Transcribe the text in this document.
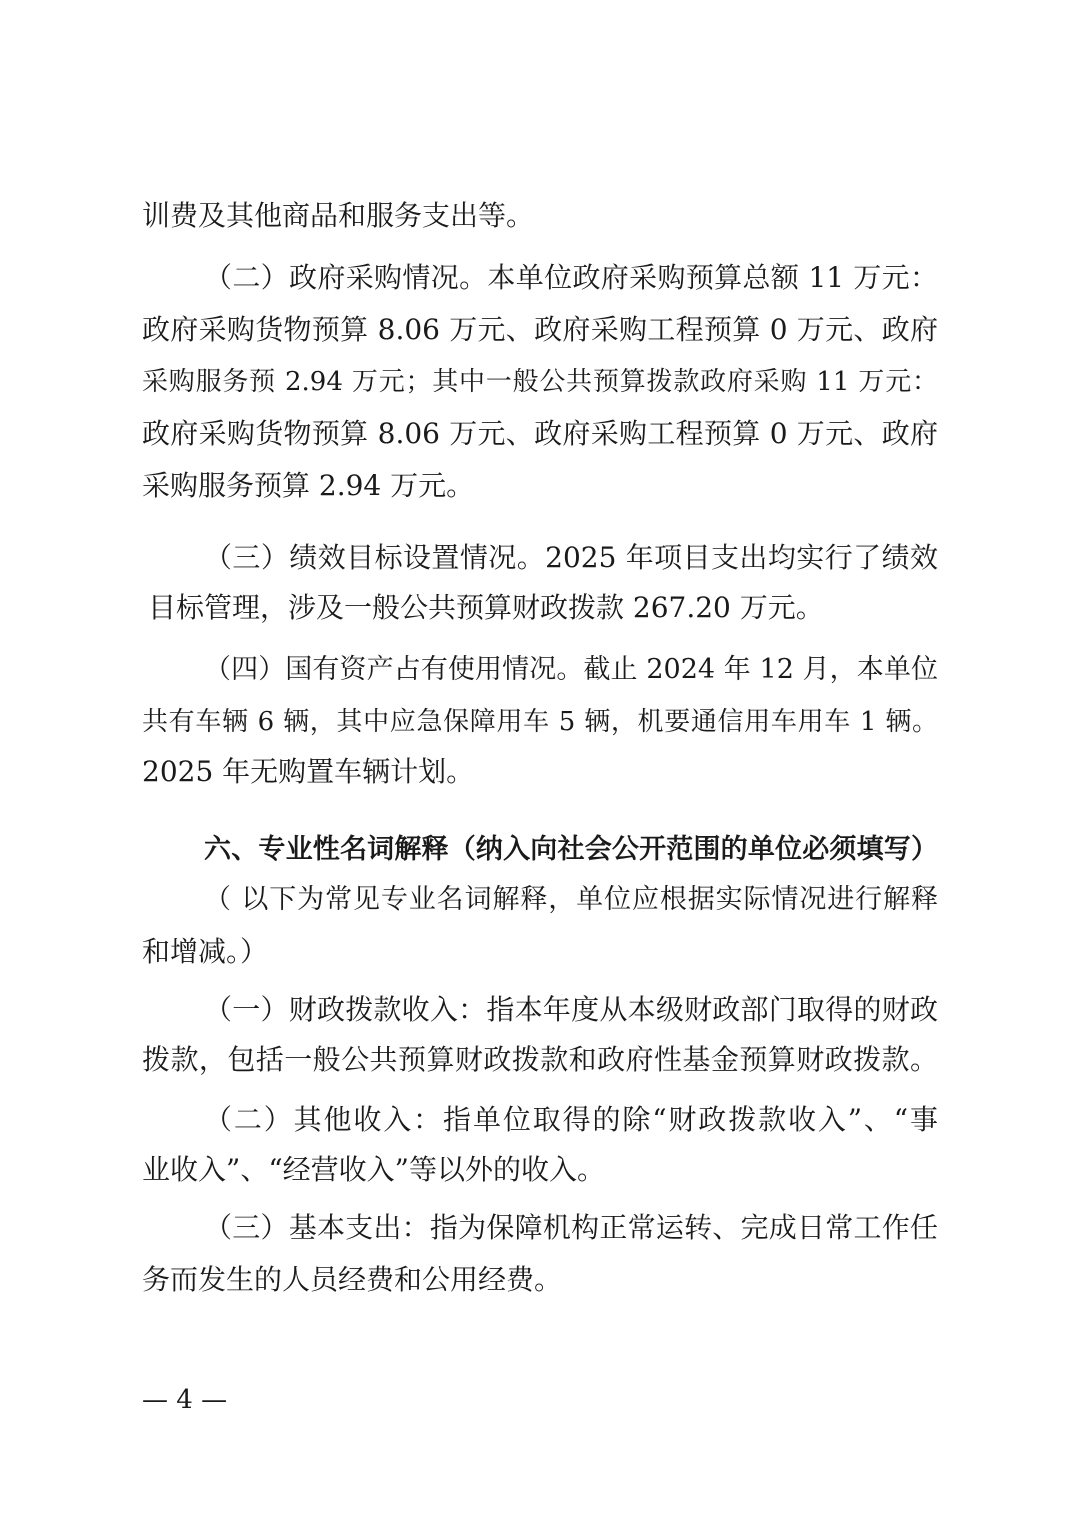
训费及其他商品和服务支出等。
（二）政府采购情况。本单位政府采购预算总额 11 万元：
政府采购货物预算 8.06 万元、政府采购工程预算 0 万元、政府
采购服务预 2.94 万元；其中一般公共预算拨款政府采购 11 万元：
政府采购货物预算 8.06 万元、政府采购工程预算 0 万元、政府
采购服务预算 2.94 万元。
（三）绩效目标设置情况。2025 年项目支出均实行了绩效
目标管理，涉及一般公共预算财政拨款 267.20 万元。
（四）国有资产占有使用情况。截止 2024 年 12 月，本单位
共有车辆 6 辆，其中应急保障用车 5 辆，机要通信用车用车 1 辆。
2025 年无购置车辆计划。
六、专业性名词解释（纳入向社会公开范围的单位必须填写）
（ 以下为常见专业名词解释，单位应根据实际情况进行解释
和增减。）
（一）财政拨款收入：指本年度从本级财政部门取得的财政
拨款，包括一般公共预算财政拨款和政府性基金预算财政拨款。
（二）其他收入：指单位取得的除“财政拨款收入”、“事
业收入”、“经营收入”等以外的收入。
（三）基本支出：指为保障机构正常运转、完成日常工作任
务而发生的人员经费和公用经费。
— 4 —
